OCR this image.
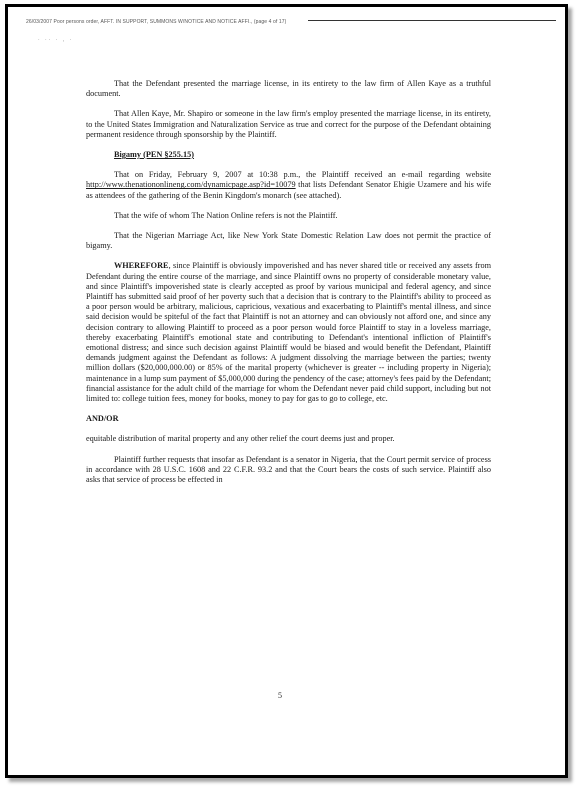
26/03/2007 Poor persons order, AFFT. IN SUPPORT, SUMMONS W/NOTICE AND NOTICE AFFI., (page 4 of 17)
· ·· · , ·

That the Defendant presented the marriage license, in its entirety to the law firm of Allen Kaye as a truthful document.

That Allen Kaye, Mr. Shapiro or someone in the law firm's employ presented the marriage license, in its entirety, to the United States Immigration and Naturalization Service as true and correct for the purpose of the Defendant obtaining permanent residence through sponsorship by the Plaintiff.

Bigamy (PEN §255.15)

That on Friday, February 9, 2007 at 10:38 p.m., the Plaintiff received an e-mail regarding website http://www.thenationonlineng.com/dynamicpage.asp?id=10079 that lists Defendant Senator Ehigie Uzamere and his wife as attendees of the gathering of the Benin Kingdom's monarch (see attached).

That the wife of whom The Nation Online refers is not the Plaintiff.

That the Nigerian Marriage Act, like New York State Domestic Relation Law does not permit the practice of bigamy.

WHEREFORE, since Plaintiff is obviously impoverished and has never shared title or received any assets from Defendant during the entire course of the marriage, and since Plaintiff owns no property of considerable monetary value, and since Plaintiff's impoverished state is clearly accepted as proof by various municipal and federal agency, and since Plaintiff has submitted said proof of her poverty such that a decision that is contrary to the Plaintiff's ability to proceed as a poor person would be arbitrary, malicious, capricious, vexatious and exacerbating to Plaintiff's mental illness, and since said decision would be spiteful of the fact that Plaintiff is not an attorney and can obviously not afford one, and since any decision contrary to allowing Plaintiff to proceed as a poor person would force Plaintiff to stay in a loveless marriage, thereby exacerbating Plaintiff's emotional state and contributing to Defendant's intentional infliction of Plaintiff's emotional distress; and since such decision against Plaintiff would be biased and would benefit the Defendant, Plaintiff demands judgment against the Defendant as follows: A judgment dissolving the marriage between the parties; twenty million dollars ($20,000,000.00) or 85% of the marital property (whichever is greater -- including property in Nigeria); maintenance in a lump sum payment of $5,000,000 during the pendency of the case; attorney's fees paid by the Defendant; financial assistance for the adult child of the marriage for whom the Defendant never paid child support, including but not limited to: college tuition fees, money for books, money to pay for gas to go to college, etc.

AND/OR

equitable distribution of marital property and any other relief the court deems just and proper.

Plaintiff further requests that insofar as Defendant is a senator in Nigeria, that the Court permit service of process in accordance with 28 U.S.C. 1608 and 22 C.F.R. 93.2 and that the Court bears the costs of such service. Plaintiff also asks that service of process be effected in

5
